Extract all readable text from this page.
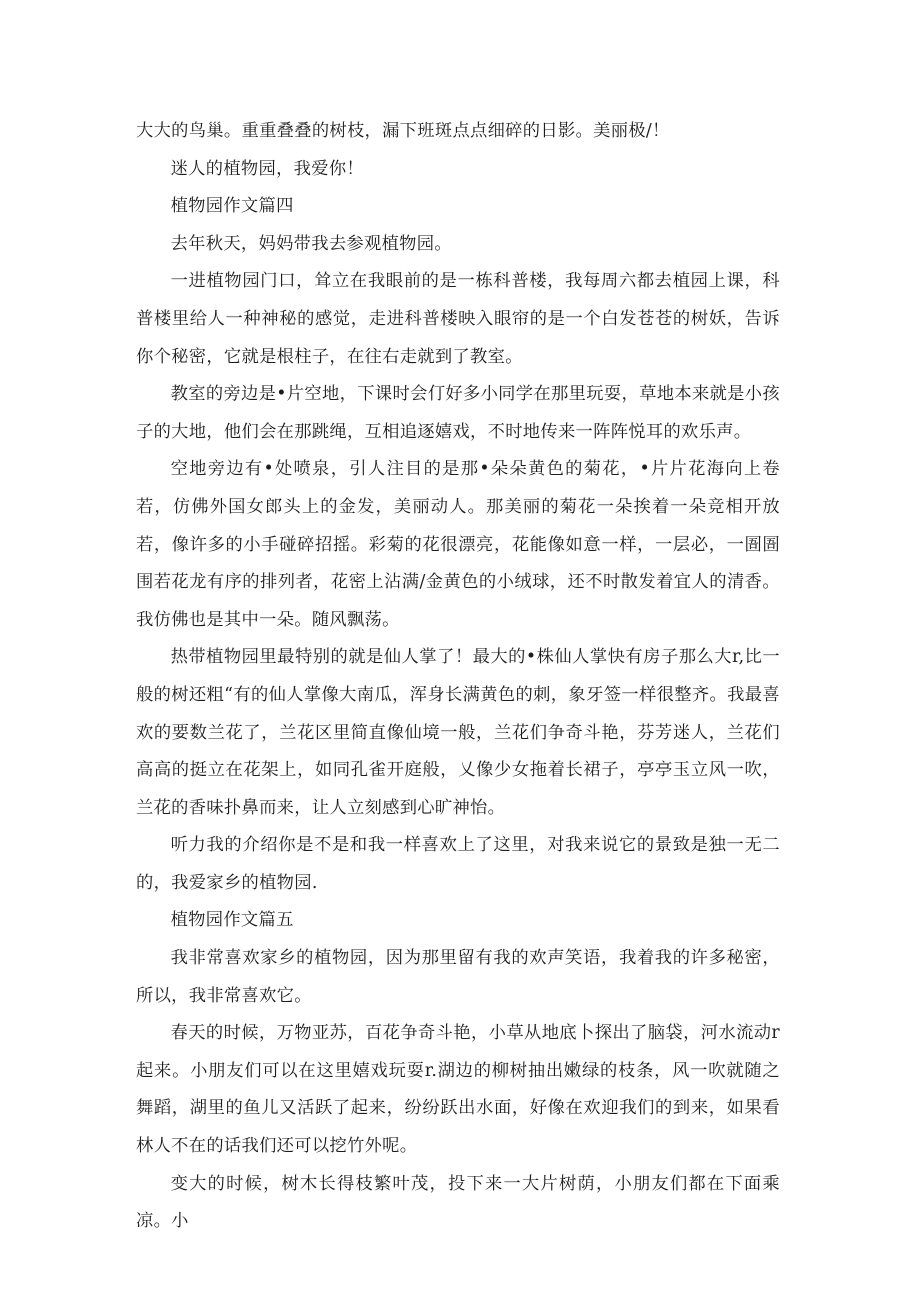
大大的鸟巢。重重叠叠的树枝，漏下班斑点点细碎的日影。美丽极/！

迷人的植物园，我爱你！

植物园作文篇四

去年秋天，妈妈带我去参观植物园。

一进植物园门口，耸立在我眼前的是一栋科普楼，我每周六都去植园上课，科普楼里给人一种神秘的感觉，走进科普楼映入眼帘的是一个白发苍苍的树妖，告诉你个秘密，它就是根柱子，在往右走就到了教室。

教室的旁边是•片空地，下课时会仃好多小同学在那里玩耍，草地本来就是小孩子的大地，他们会在那跳绳，互相追逐嬉戏，不时地传来一阵阵悦耳的欢乐声。

空地旁边有•处喷泉，引人注目的是那•朵朵黄色的菊花，•片片花海向上卷若，仿佛外国女郎头上的金发，美丽动人。那美丽的菊花一朵挨着一朵竞相开放若，像许多的小手碰碎招摇。彩菊的花很漂亮，花能像如意一样，一层必，一圄圄围若花龙有序的排列者，花密上沾满/金黄色的小绒球，还不时散发着宜人的清香。我仿佛也是其中一朵。随风飘荡。

热带植物园里最特别的就是仙人掌了！最大的•株仙人掌快有房子那么大r,比一般的树还粗“有的仙人掌像大南瓜，浑身长满黄色的刺，象牙签一样很整齐。我最喜欢的要数兰花了，兰花区里简直像仙境一般，兰花们争奇斗艳，芬芳迷人，兰花们高高的挺立在花架上，如同孔雀开庭般，乂像少女拖着长裙子，亭亭玉立风一吹，兰花的香味扑鼻而来，让人立刻感到心旷神怡。

听力我的介绍你是不是和我一样喜欢上了这里，对我来说它的景致是独一无二的，我爱家乡的植物园.

植物园作文篇五

我非常喜欢家乡的植物园，因为那里留有我的欢声笑语，我着我的许多秘密，所以，我非常喜欢它。

春天的时候，万物亚苏，百花争奇斗艳，小草从地底卜探出了脑袋，河水流动r起来。小朋友们可以在这里嬉戏玩耍r.湖边的柳树抽出嫩绿的枝条，风一吹就随之舞蹈，湖里的鱼儿又活跃了起来，纷纷跃出水面，好像在欢迎我们的到来，如果看林人不在的话我们还可以挖竹外呢。

变大的时候，树木长得枝繁叶茂，投下来一大片树荫，小朋友们都在下面乘凉。小
